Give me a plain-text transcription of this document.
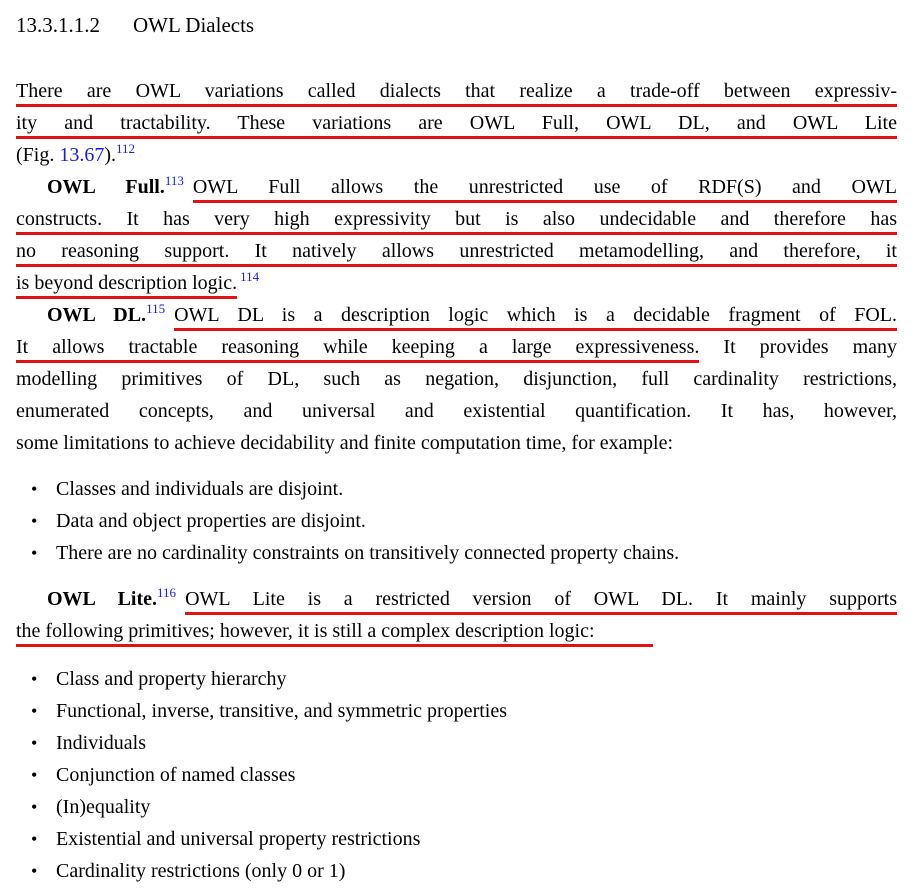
13.3.1.1.2 OWL Dialects
There are OWL variations called dialects that realize a trade-off between expressiv-
ity and tractability. These variations are OWL Full, OWL DL, and OWL Lite
(Fig. 13.67).$^{112}$
OWL Full.$^{113}$ OWL Full allows the unrestricted use of RDF(S) and OWL
constructs. It has very high expressivity but is also undecidable and therefore has
no reasoning support. It natively allows unrestricted metamodelling, and therefore, it
is beyond description logic. $^{114}$
OWL DL.$^{115}$ OWL DL is a description logic which is a decidable fragment of FOL.
It allows tractable reasoning while keeping a large expressiveness. It provides many
modelling primitives of DL, such as negation, disjunction, full cardinality restrictions,
enumerated concepts, and universal and existential quantification. It has, however,
some limitations to achieve decidability and finite computation time, for example:
• Classes and individuals are disjoint.
• Data and object properties are disjoint.
• There are no cardinality constraints on transitively connected property chains.
OWL Lite.$^{116}$ OWL Lite is a restricted version of OWL DL. It mainly supports
the following primitives; however, it is still a complex description logic:
• Class and property hierarchy
• Functional, inverse, transitive, and symmetric properties
• Individuals
• Conjunction of named classes
• (In)equality
• Existential and universal property restrictions
• Cardinality restrictions (only 0 or 1)
